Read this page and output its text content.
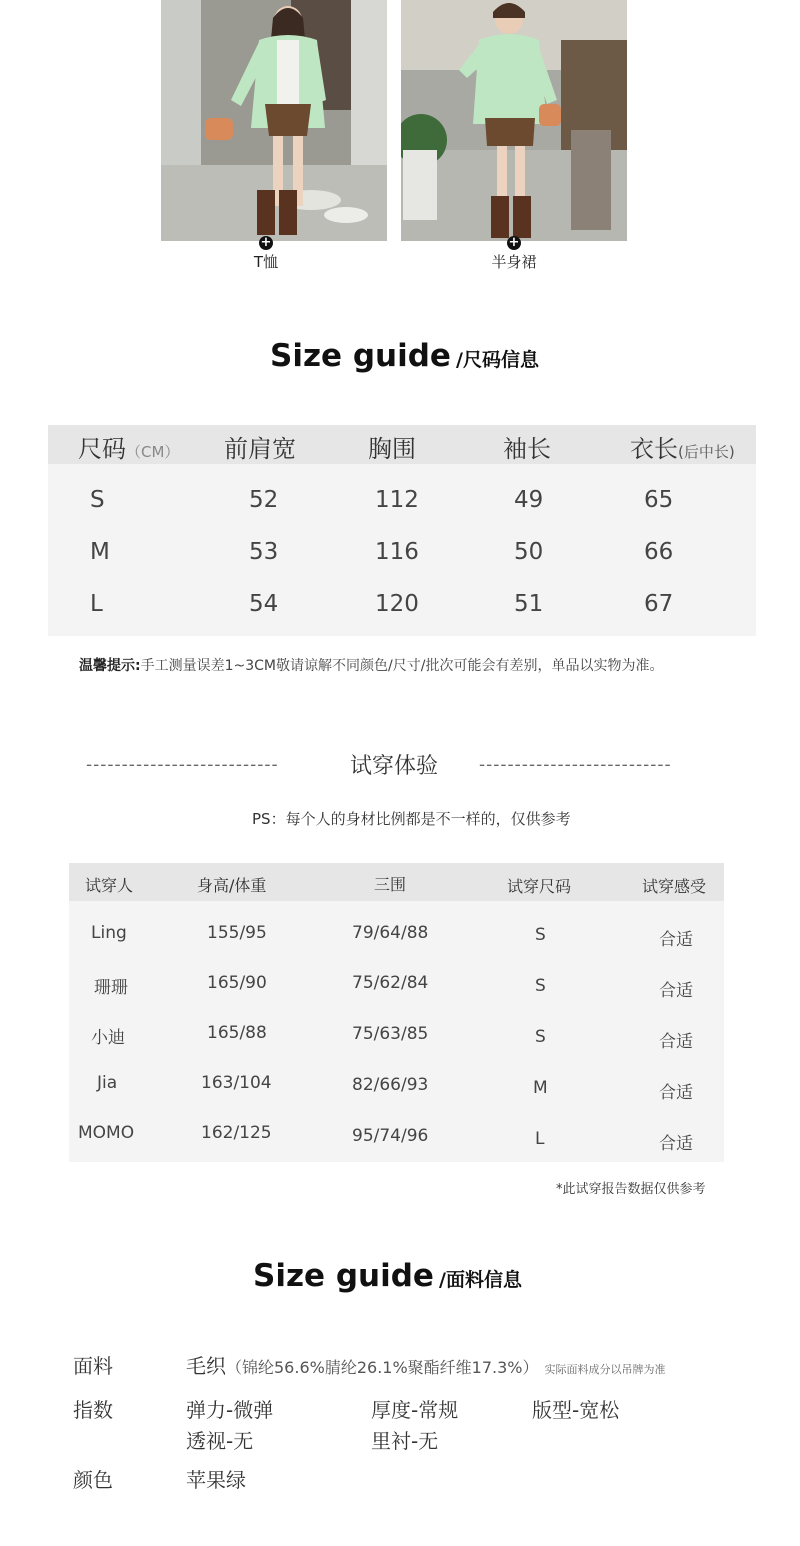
+
T恤
+
半身裙
Size guide /尺码信息
尺码（CM） 前肩宽	胸围	袖长	衣长(后中长)
S	52	112	49	65
M	53	116	50	66
L	54	120	51	67
温馨提示:手工测量误差1~3CM敬请谅解不同颜色/尺寸/批次可能会有差别，单品以实物为准。
---------------------------	试穿体验 ---------------------------
PS：每个人的身材比例都是不一样的，仅供参考
试穿人	身高/体重	三围	试穿尺码	试穿感受
Ling	155/95	79/64/88	S	合适
珊珊	165/90	75/62/84	S	合适
小迪	165/88	75/63/85	S	合适
Jia	163/104	82/66/93	M	合适
MOMO	162/125	95/74/96	L	合适
*此试穿报告数据仅供参考
Size guide /面料信息
面料	毛织（锦纶56.6%腈纶26.1%聚酯纤维17.3%） 实际面料成分以吊牌为准
指数	弹力-微弹	厚度-常规	版型-宽松
透视-无	里衬-无
颜色	苹果绿
